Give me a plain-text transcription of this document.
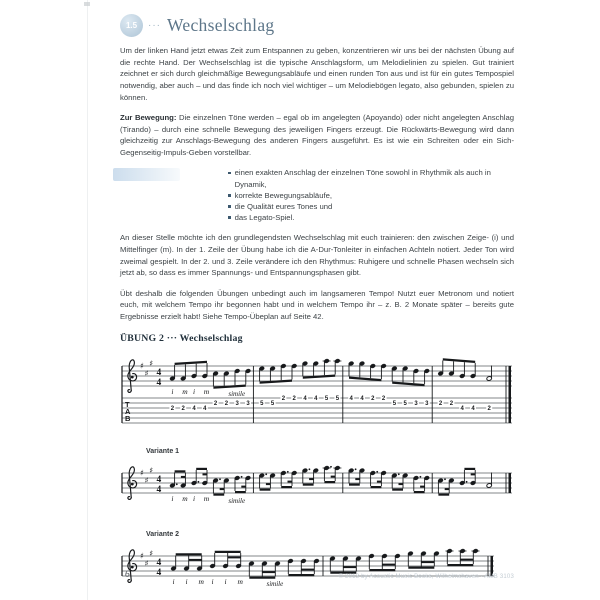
1.5	··· Wechselschlag

Um der linken Hand jetzt etwas Zeit zum Entspannen zu geben, konzentrieren wir uns bei der nächsten Übung auf die rechte Hand. Der Wechselschlag ist die typische Anschlagsform, um Melodielinien zu spielen. Gut trainiert zeichnet er sich durch gleichmäßige Bewegungsabläufe und einen runden Ton aus und ist für ein gutes Tempospiel notwendig, aber auch – und das finde ich noch viel wichtiger – um Melodiebögen legato, also gebunden, spielen zu können.

Zur Bewegung: Die einzelnen Töne werden – egal ob im angelegten (Apoyando) oder nicht angelegten Anschlag (Tirando) – durch eine schnelle Bewegung des jeweiligen Fingers erzeugt. Die Rückwärts-Bewegung wird dann gleichzeitig zur Anschlags-Bewegung des anderen Fingers ausgeführt. Es ist wie ein Schreiten oder ein Sich-Gegenseitig-Impuls-Geben vorstellbar.

einen exakten Anschlag der einzelnen Töne sowohl in Rhythmik als auch in Dynamik,
korrekte Bewegungsabläufe,
die Qualität eures Tones und
das Legato-Spiel.

An dieser Stelle möchte ich den grundlegendsten Wechselschlag mit euch trainieren: den zwischen Zeige- (i) und Mittelfinger (m). In der 1. Zeile der Übung habe ich die A-Dur-Tonleiter in einfachen Achteln notiert. Jeder Ton wird zweimal gespielt. In der 2. und 3. Zeile verändere ich den Rhythmus: Ruhigere und schnelle Phasen wechseln sich jetzt ab, so dass es immer Spannungs- und Entspannungsphasen gibt.

Übt deshalb die folgenden Übungen unbedingt auch im langsameren Tempo! Nutzt euer Metronom und notiert euch, mit welchem Tempo ihr begonnen habt und in welchem Tempo ihr – z. B. 2 Monate später – bereits gute Ergebnisse erzielt habt! Siehe Tempo-Übeplan auf Seite 42.

ÜBUNG 2 ··· Wechselschlag
T
A
B
♯
♯
♯
4
4
i m i m	simile
2 2 4 4
2 2 3 3 5 5
2 2 4 4 5 5 4 4 2 2
5 5 3 3 2 2
4 4 2
Variante 1
♯
♯
♯
4
4
i m i m	simile
Variante 2
♯
♯
♯
4
4
i i m i i m	simile
6	© 2013 by Acoustic Music Books, Wilhelmshaven · AMB 3103
